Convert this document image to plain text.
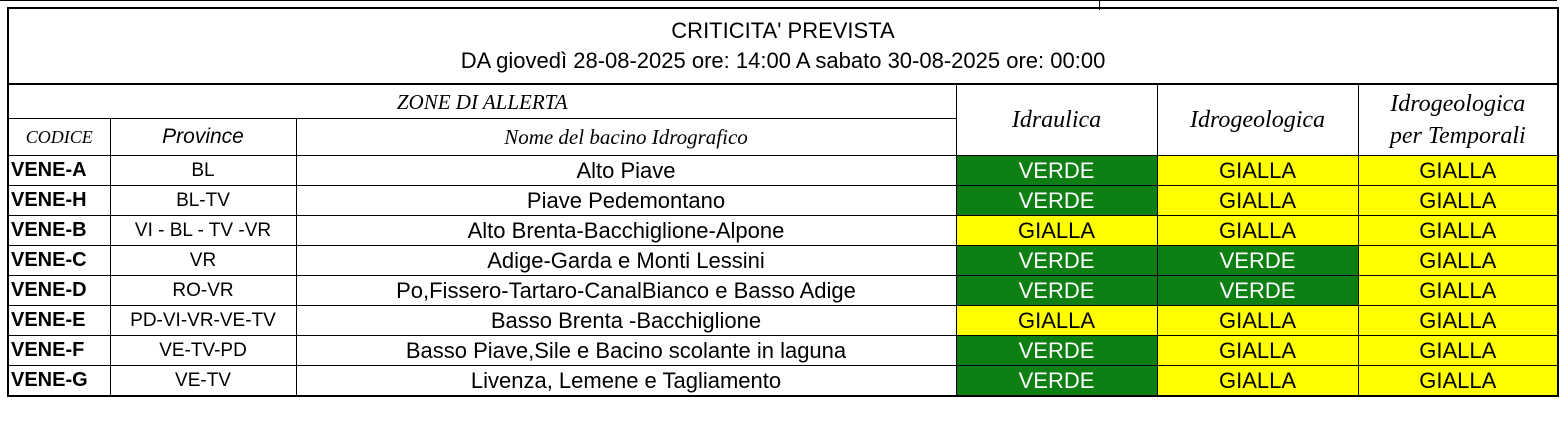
CRITICITA' PREVISTA
DA giovedì 28-08-2025 ore: 14:00 A sabato 30-08-2025 ore: 00:00					

ZONE DI ALLERTA			Idraulica	Idrogeologica	Idrogeologica
per Temporali

CODICE	Province	Nome del bacino Idrografico			
VENE-A	BL	Alto Piave	VERDE	GIALLA	GIALLA
VENE-H	BL-TV	Piave Pedemontano	VERDE	GIALLA	GIALLA
VENE-B	VI - BL - TV -VR	Alto Brenta-Bacchiglione-Alpone	GIALLA	GIALLA	GIALLA
VENE-C	VR	Adige-Garda e Monti Lessini	VERDE	VERDE	GIALLA
VENE-D	RO-VR	Po,Fissero-Tartaro-CanalBianco e Basso Adige	VERDE	VERDE	GIALLA
VENE-E	PD-VI-VR-VE-TV	Basso Brenta -Bacchiglione	GIALLA	GIALLA	GIALLA
VENE-F	VE-TV-PD	Basso Piave,Sile e Bacino scolante in laguna	VERDE	GIALLA	GIALLA
VENE-G	VE-TV	Livenza, Lemene e Tagliamento	VERDE	GIALLA	GIALLA
